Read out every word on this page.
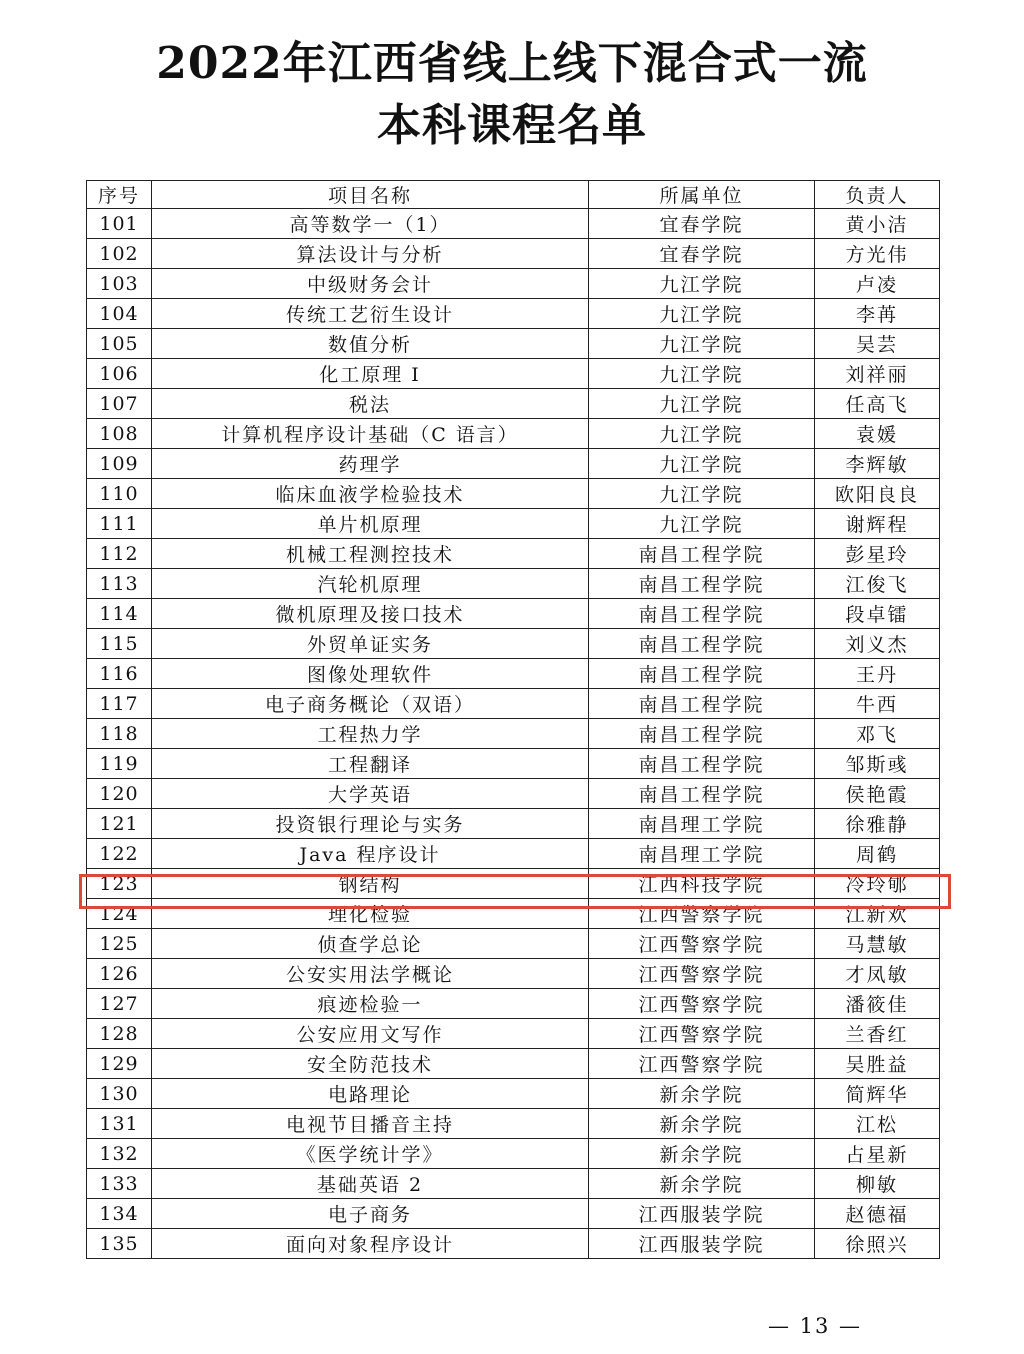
2022年江西省线上线下混合式一流
本科课程名单
序号	项目名称	所属单位	负责人
101	高等数学一（1）	宜春学院	黄小洁
102	算法设计与分析	宜春学院	方光伟
103	中级财务会计	九江学院	卢凌
104	传统工艺衍生设计	九江学院	李苒
105	数值分析	九江学院	吴芸
106	化工原理 I	九江学院	刘祥丽
107	税法	九江学院	任高飞
108	计算机程序设计基础（C 语言）	九江学院	袁媛
109	药理学	九江学院	李辉敏
110	临床血液学检验技术	九江学院	欧阳良良
111	单片机原理	九江学院	谢辉程
112	机械工程测控技术	南昌工程学院	彭星玲
113	汽轮机原理	南昌工程学院	江俊飞
114	微机原理及接口技术	南昌工程学院	段卓镭
115	外贸单证实务	南昌工程学院	刘义杰
116	图像处理软件	南昌工程学院	王丹
117	电子商务概论（双语）	南昌工程学院	牛西
118	工程热力学	南昌工程学院	邓飞
119	工程翻译	南昌工程学院	邹斯彧
120	大学英语	南昌工程学院	侯艳霞
121	投资银行理论与实务	南昌理工学院	徐雅静
122	Java 程序设计	南昌理工学院	周鹤
123	钢结构	江西科技学院	冷玲郇
124	理化检验	江西警察学院	江新欢
125	侦查学总论	江西警察学院	马慧敏
126	公安实用法学概论	江西警察学院	才凤敏
127	痕迹检验一	江西警察学院	潘筱佳
128	公安应用文写作	江西警察学院	兰香红
129	安全防范技术	江西警察学院	吴胜益
130	电路理论	新余学院	简辉华
131	电视节目播音主持	新余学院	江松
132	《医学统计学》	新余学院	占星新
133	基础英语 2	新余学院	柳敏
134	电子商务	江西服装学院	赵德福
135	面向对象程序设计	江西服装学院	徐照兴
— 13 —
